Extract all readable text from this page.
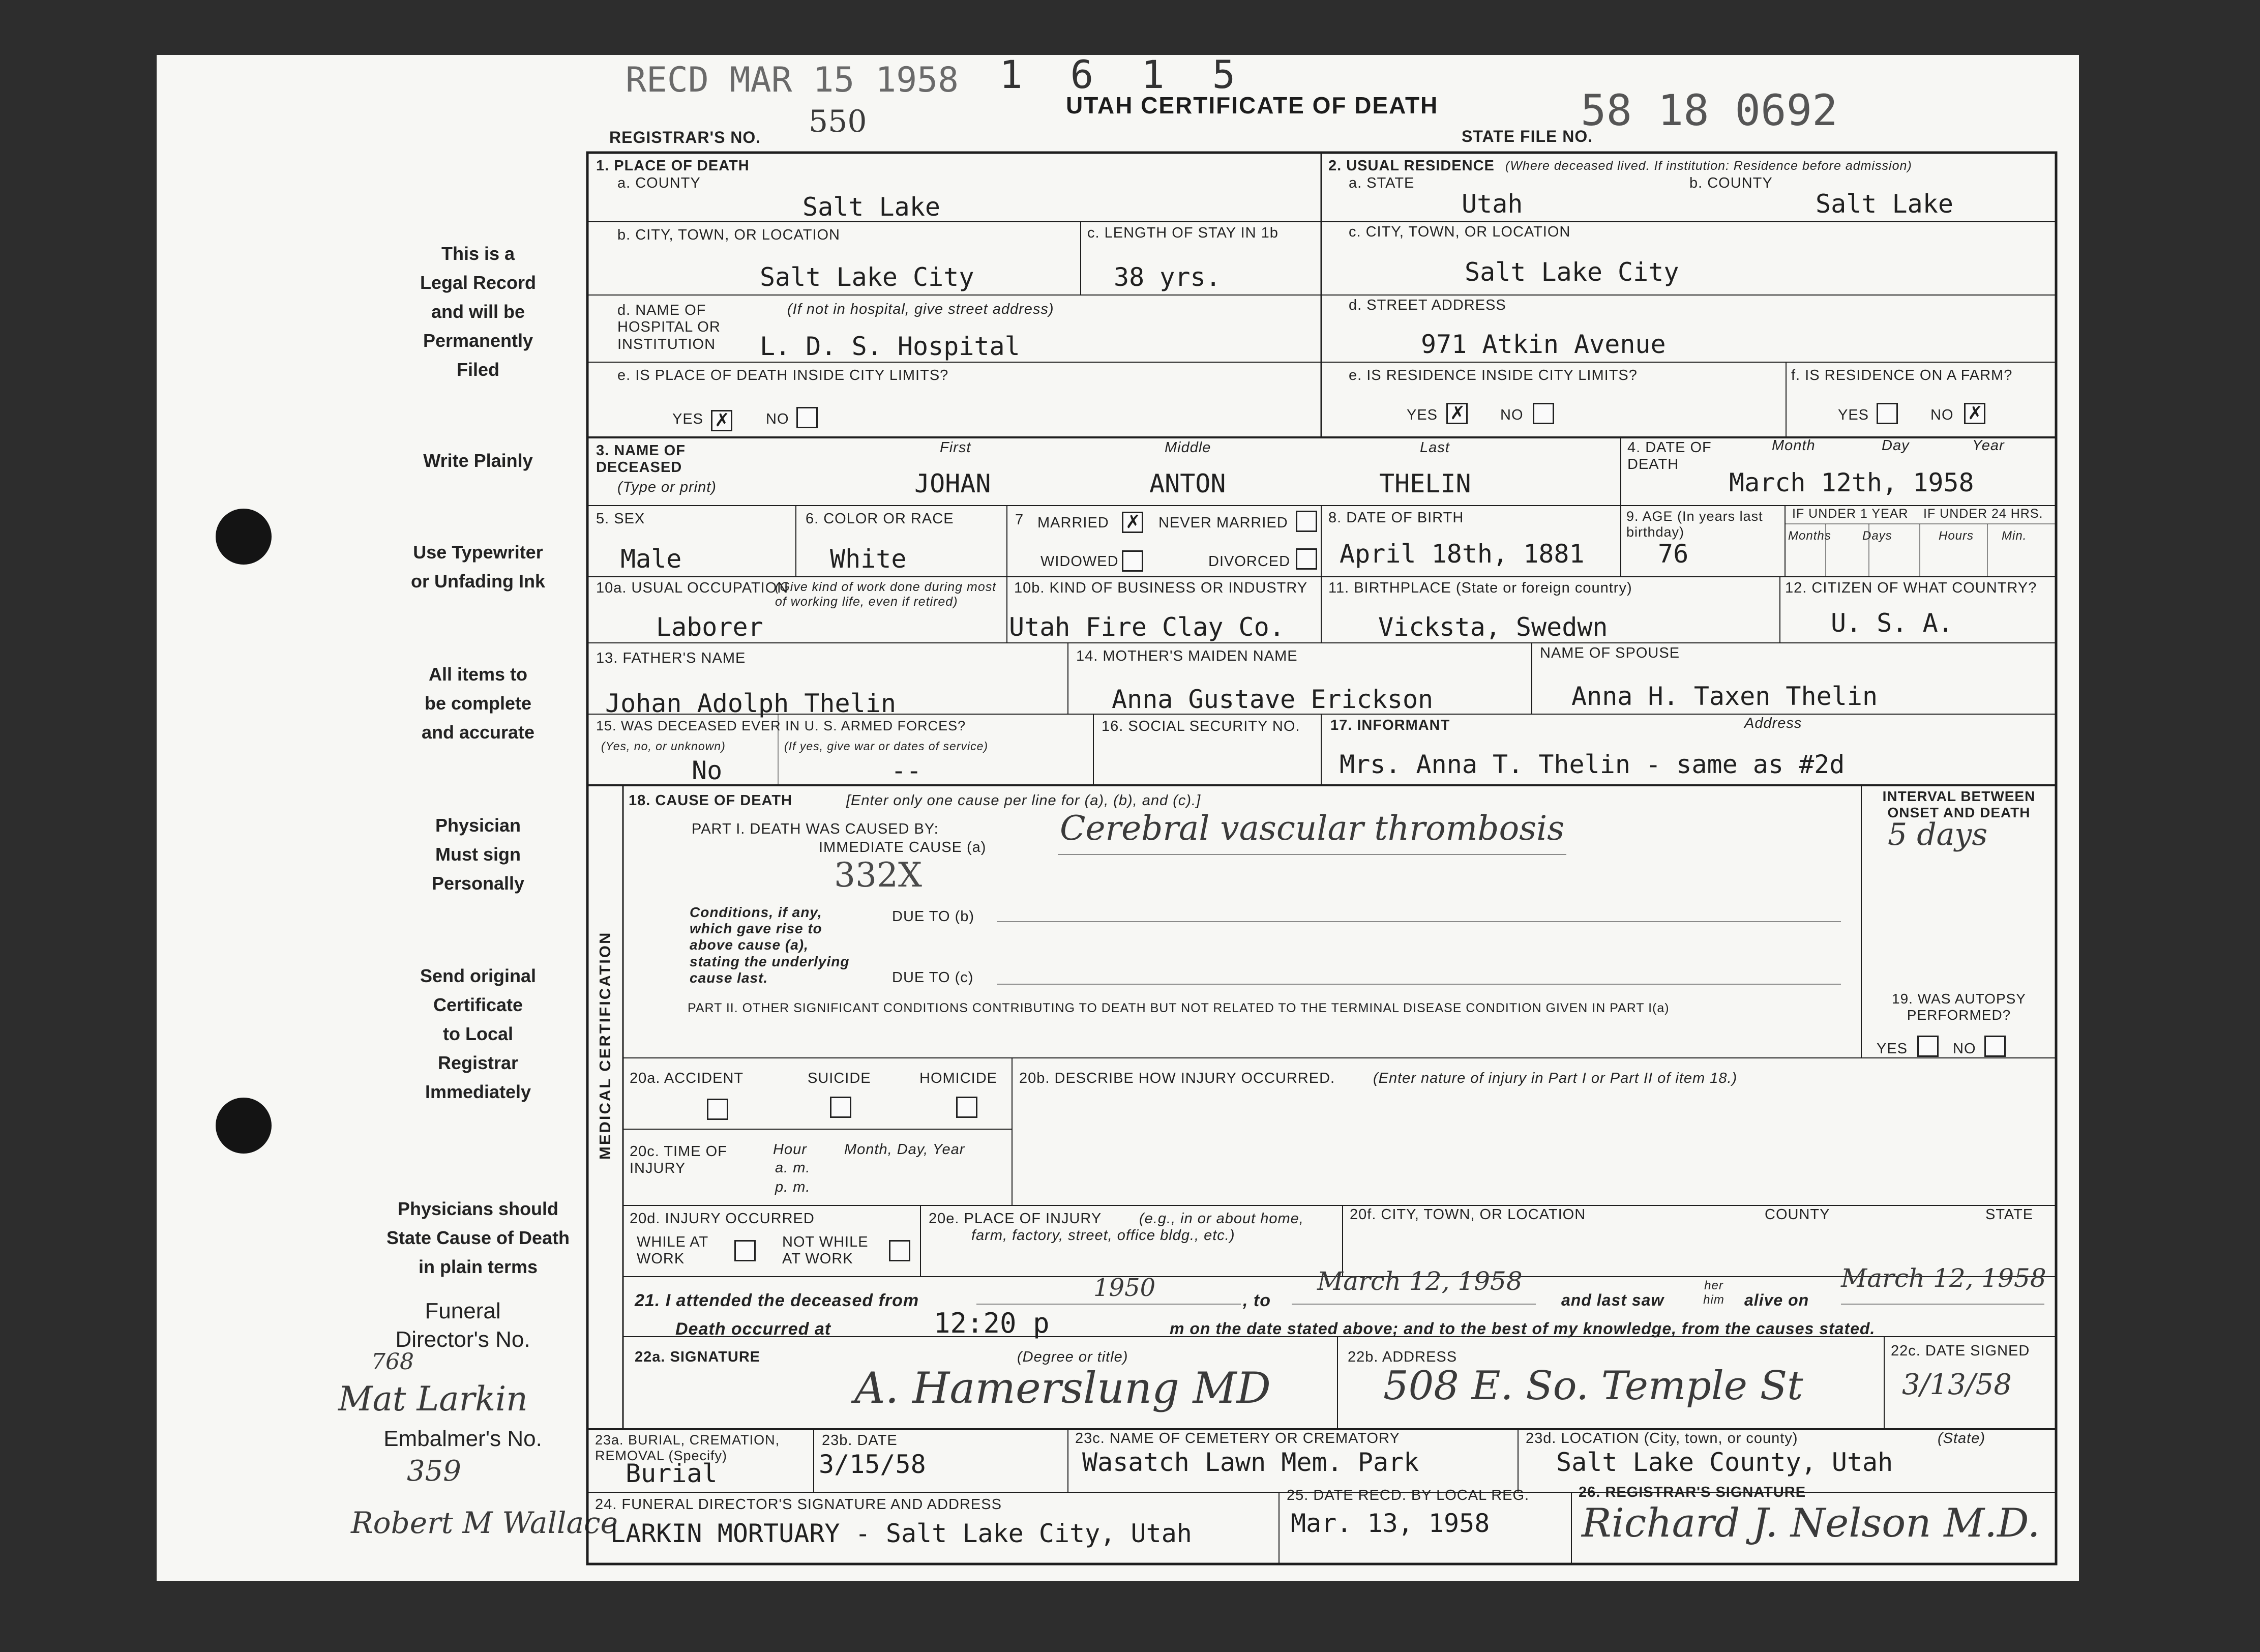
This is a
Legal Record
and will be
Permanently
Filed
Write Plainly
Use Typewriter
or Unfading Ink
All items to
be complete
and accurate
Physician
Must sign
Personally
Send original
Certificate
to Local
Registrar
Immediately
Physicians should
State Cause of Death
in plain terms
Funeral
Director's No.
768
Mat Larkin
Embalmer's No.
359
Robert M Wallace
RECD MAR 15 1958 1 6 1 5
REGISTRAR'S NO. 550	UTAH CERTIFICATE OF DEATH
STATE FILE NO.
58 18 0692
1. PLACE OF DEATH
a. COUNTY
Salt Lake
b. CITY, TOWN, OR LOCATION
Salt Lake City
c. LENGTH OF STAY IN 1b
38 yrs.
d. NAME OF HOSPITAL OR INSTITUTION
(If not in hospital, give street address)
L. D. S. Hospital
e. IS PLACE OF DEATH INSIDE CITY LIMITS?
YES ✗ NO
2. USUAL RESIDENCE (Where deceased lived. If institution: Residence before admission)
a. STATE
Utah
b. COUNTY
Salt Lake
c. CITY, TOWN, OR LOCATION
Salt Lake City
d. STREET ADDRESS
971 Atkin Avenue
e. IS RESIDENCE INSIDE CITY LIMITS?
YES ✗ NO
f. IS RESIDENCE ON A FARM?
YES	NO ✗
3. NAME OF DECEASED
(Type or print)
First	Middle	Last
JOHAN	ANTON	THELIN
4. DATE OF DEATH
Month	Day	Year
March 12th, 1958
5. SEX
Male
6. COLOR OR RACE
White
7 MARRIED ✗ NEVER MARRIED
WIDOWED	DIVORCED
8. DATE OF BIRTH
April 18th, 1881
9. AGE (In years last birthday)
76
IF UNDER 1 YEAR IF UNDER 24 HRS.
Months	Days	Hours Min.
10a. USUAL OCCUPATION
(Give kind of work done during most of working life, even if retired)
Laborer
10b. KIND OF BUSINESS OR INDUSTRY
Utah Fire Clay Co.
11. BIRTHPLACE (State or foreign country)
Vicksta, Swedwn
12. CITIZEN OF WHAT COUNTRY?
U. S. A.
13. FATHER'S NAME
Johan Adolph Thelin
14. MOTHER'S MAIDEN NAME
Anna Gustave Erickson
NAME OF SPOUSE
Anna H. Taxen Thelin
15. WAS DECEASED EVER IN U. S. ARMED FORCES?
(Yes, no, or unknown)	(If yes, give war or dates of service)
No	--
16. SOCIAL SECURITY NO. 17. INFORMANT	Address
Mrs. Anna T. Thelin - same as #2d
18. CAUSE OF DEATH	[Enter only one cause per line for (a), (b), and (c).]
PART I. DEATH WAS CAUSED BY:
IMMEDIATE CAUSE (a) Cerebral vascular thrombosis
332X
INTERVAL BETWEEN ONSET AND DEATH
5 days
Conditions, if any, which gave rise to above cause (a), stating the underlying cause last.
DUE TO (b)
DUE TO (c)
PART II. OTHER SIGNIFICANT CONDITIONS CONTRIBUTING TO DEATH BUT NOT RELATED TO THE TERMINAL DISEASE CONDITION GIVEN IN PART I(a)
19. WAS AUTOPSY PERFORMED?
YES	NO
20a. ACCIDENT	SUICIDE	HOMICIDE 20b. DESCRIBE HOW INJURY OCCURRED.	(Enter nature of injury in Part I or Part II of item 18.)
20c. TIME OF INJURY
Hour
a. m.
p. m.
Month, Day, Year
20d. INJURY OCCURRED
WHILE AT WORK
NOT WHILE AT WORK
20e. PLACE OF INJURY	(e.g., in or about home, farm, factory, street, office bldg., etc.)
20f. CITY, TOWN, OR LOCATION	COUNTY	STATE
21. I attended the deceased from	1950	, to
March 12, 1958
and last saw
her him	alive on
March 12, 1958
Death occurred at	12:20 p	m on the date stated above; and to the best of my knowledge, from the causes stated.
22a. SIGNATURE	(Degree or title)
A. Hamerslung MD
22b. ADDRESS
508 E. So. Temple St
22c. DATE SIGNED
3/13/58
23a. BURIAL, CREMATION, REMOVAL (Specify)
Burial
23b. DATE
3/15/58
23c. NAME OF CEMETERY OR CREMATORY
Wasatch Lawn Mem. Park
23d. LOCATION (City, town, or county)	(State)
Salt Lake County, Utah
24. FUNERAL DIRECTOR'S SIGNATURE AND ADDRESS
LARKIN MORTUARY - Salt Lake City, Utah
25. DATE RECD. BY LOCAL REG.
Mar. 13, 1958
26. REGISTRAR'S SIGNATURE
Richard J. Nelson M.D.
